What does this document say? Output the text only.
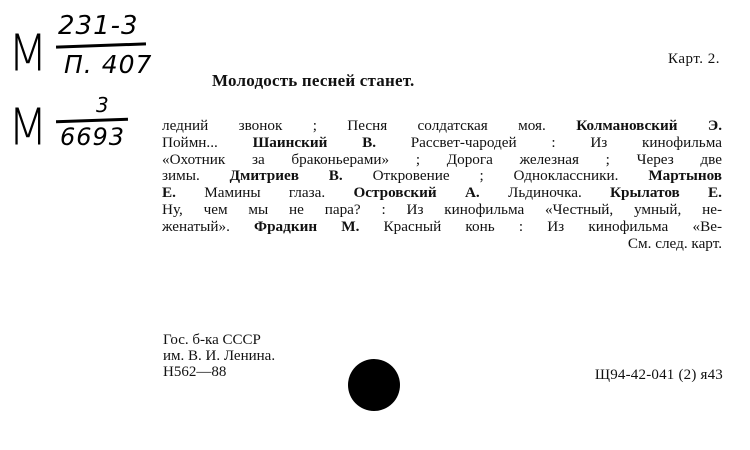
М 231-3
П. 407
М 3
6693
Карт. 2.
Молодость песней станет.
ледний звонок ; Песня солдатская моя. Колмановский Э.
Поймн... Шаинский В. Рассвет-чародей : Из кинофильма
«Охотник за браконьерами» ; Дорога железная ; Через две
зимы. Дмитриев В. Откровение ; Одноклассники. Мартынов
Е. Мамины глаза. Островский А. Льдиночка. Крылатов Е.
Ну, чем мы не пара? : Из кинофильма «Честный, умный, не-
женатый». Фрадкин М. Красный конь : Из кинофильма «Ве-
См. след. карт.
Гос. б-ка СССР
им. В. И. Ленина.
Н562—88	Щ94-42-041 (2) я43
